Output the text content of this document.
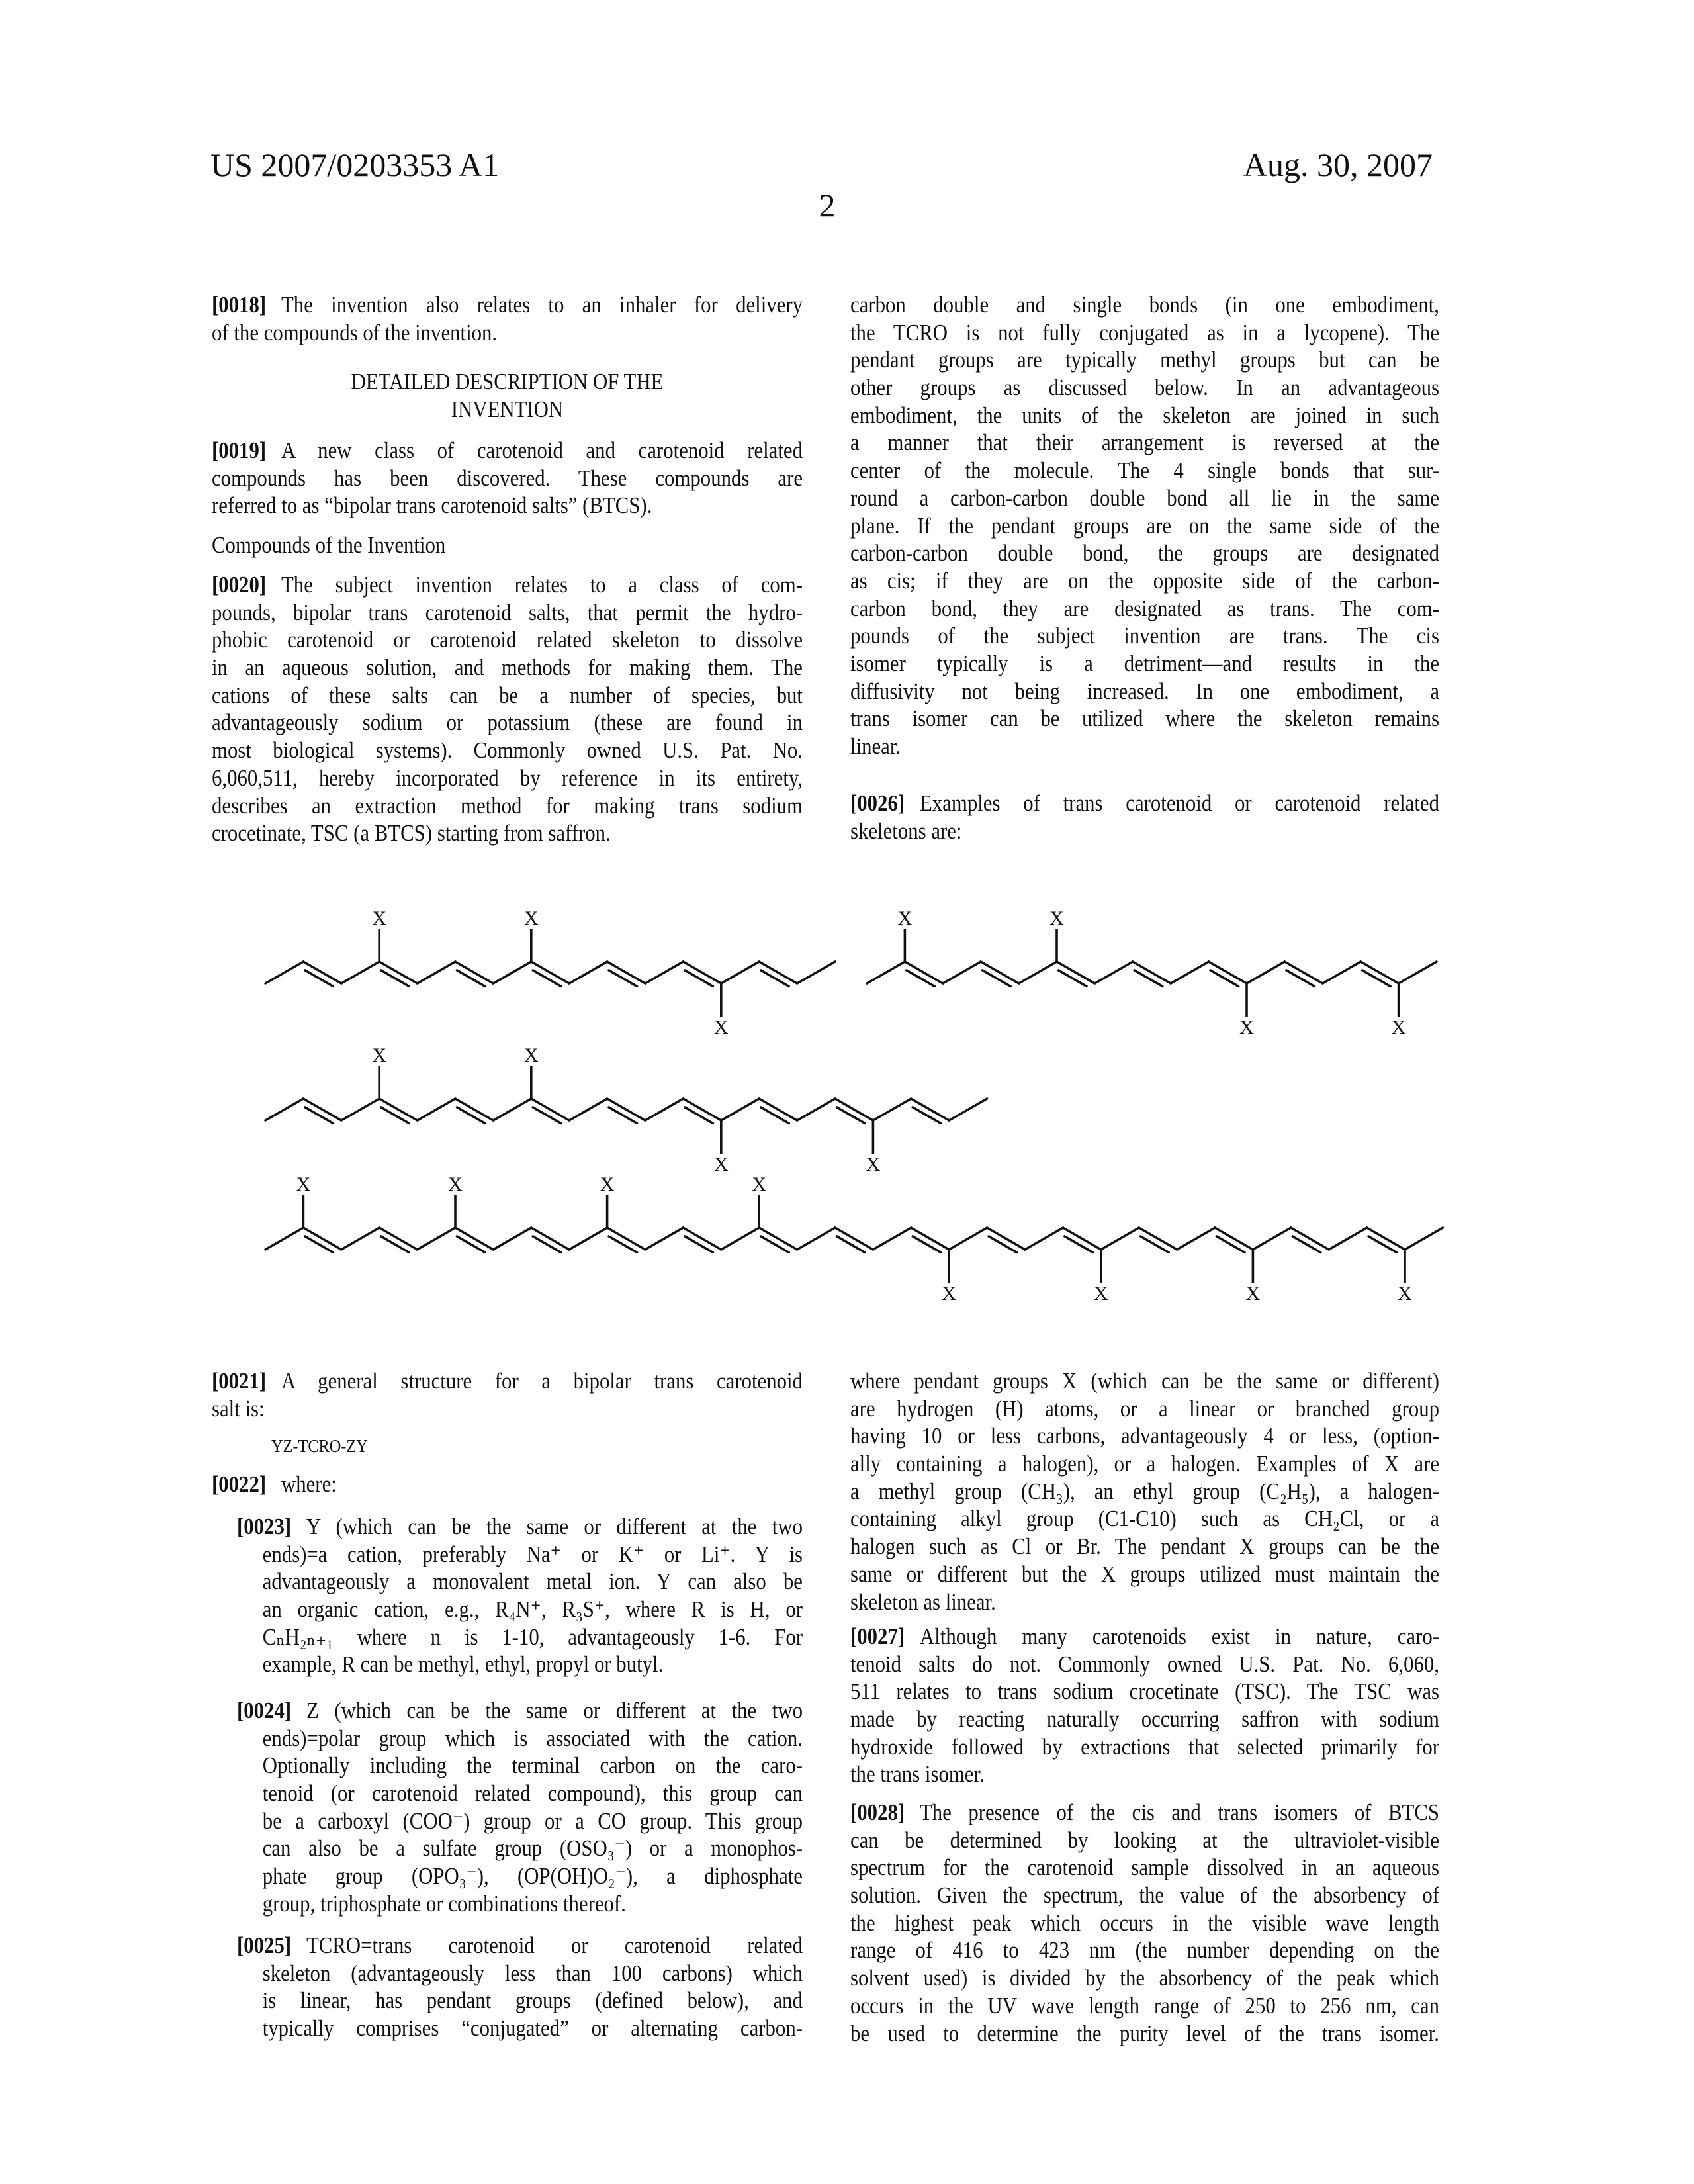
US 2007/0203353 A1	Aug. 30, 2007
2
[0018] The invention also relates to an inhaler for delivery
of the compounds of the invention.
DETAILED DESCRIPTION OF THE
INVENTION
[0019] A new class of carotenoid and carotenoid related
compounds has been discovered. These compounds are
referred to as “bipolar trans carotenoid salts” (BTCS).
Compounds of the Invention
[0020] The subject invention relates to a class of com-
pounds, bipolar trans carotenoid salts, that permit the hydro-
phobic carotenoid or carotenoid related skeleton to dissolve
in an aqueous solution, and methods for making them. The
cations of these salts can be a number of species, but
advantageously sodium or potassium (these are found in
most biological systems). Commonly owned U.S. Pat. No.
6,060,511, hereby incorporated by reference in its entirety,
describes an extraction method for making trans sodium
crocetinate, TSC (a BTCS) starting from saffron.
carbon double and single bonds (in one embodiment,
the TCRO is not fully conjugated as in a lycopene). The
pendant groups are typically methyl groups but can be
other groups as discussed below. In an advantageous
embodiment, the units of the skeleton are joined in such
a manner that their arrangement is reversed at the
center of the molecule. The 4 single bonds that sur-
round a carbon-carbon double bond all lie in the same
plane. If the pendant groups are on the same side of the
carbon-carbon double bond, the groups are designated
as cis; if they are on the opposite side of the carbon-
carbon bond, they are designated as trans. The com-
pounds of the subject invention are trans. The cis
isomer typically is a detriment—and results in the
diffusivity not being increased. In one embodiment, a
trans isomer can be utilized where the skeleton remains
linear.
[0026] Examples of trans carotenoid or carotenoid related
skeletons are:
X	X
X
X	X
X	X
X	X
X	X
X	X	X	X
X	X	X	X
[0021] A general structure for a bipolar trans carotenoid
salt is:
YZ-TCRO-ZY
[0022] where:
[0023] Y (which can be the same or different at the two
ends)=a cation, preferably Na⁺ or K⁺ or Li⁺. Y is
advantageously a monovalent metal ion. Y can also be
an organic cation, e.g., R₄N⁺, R₃S⁺, where R is H, or
CₙH₂ₙ₊₁ where n is 1-10, advantageously 1-6. For
example, R can be methyl, ethyl, propyl or butyl.
[0024] Z (which can be the same or different at the two
ends)=polar group which is associated with the cation.
Optionally including the terminal carbon on the caro-
tenoid (or carotenoid related compound), this group can
be a carboxyl (COO⁻) group or a CO group. This group
can also be a sulfate group (OSO₃⁻) or a monophos-
phate group (OPO₃⁻), (OP(OH)O₂⁻), a diphosphate
group, triphosphate or combinations thereof.
[0025] TCRO=trans carotenoid or carotenoid related
skeleton (advantageously less than 100 carbons) which
is linear, has pendant groups (defined below), and
typically comprises “conjugated” or alternating carbon-
where pendant groups X (which can be the same or different)
are hydrogen (H) atoms, or a linear or branched group
having 10 or less carbons, advantageously 4 or less, (option-
ally containing a halogen), or a halogen. Examples of X are
a methyl group (CH₃), an ethyl group (C₂H₅), a halogen-
containing alkyl group (C1-C10) such as CH₂Cl, or a
halogen such as Cl or Br. The pendant X groups can be the
same or different but the X groups utilized must maintain the
skeleton as linear.
[0027] Although many carotenoids exist in nature, caro-
tenoid salts do not. Commonly owned U.S. Pat. No. 6,060,
511 relates to trans sodium crocetinate (TSC). The TSC was
made by reacting naturally occurring saffron with sodium
hydroxide followed by extractions that selected primarily for
the trans isomer.
[0028] The presence of the cis and trans isomers of BTCS
can be determined by looking at the ultraviolet-visible
spectrum for the carotenoid sample dissolved in an aqueous
solution. Given the spectrum, the value of the absorbency of
the highest peak which occurs in the visible wave length
range of 416 to 423 nm (the number depending on the
solvent used) is divided by the absorbency of the peak which
occurs in the UV wave length range of 250 to 256 nm, can
be used to determine the purity level of the trans isomer.
